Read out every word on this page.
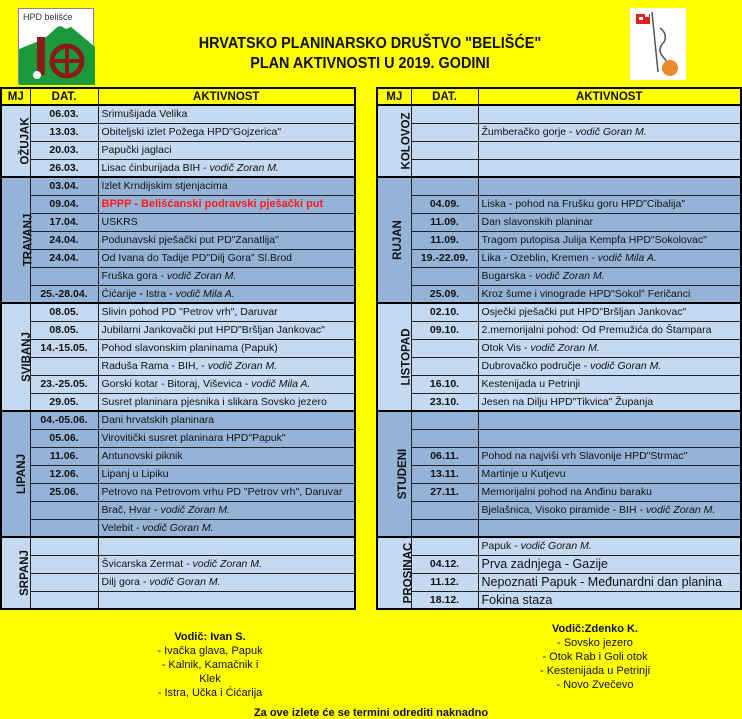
HPD belišće
HRVATSKO PLANINARSKO DRUŠTVO "BELIŠĆE"
PLAN AKTIVNOSTI U 2019. GODINI
MJ	DAT.	AKTIVNOST
OŽUJAK	06.03.	Srimušijada Velika
	13.03.	Obiteljski izlet Požega HPD"Gojzerica"
	20.03.	Papučki jaglaci
	26.03.	Lisac ćinburijada BIH - vodič Zoran M.
TRAVANJ	03.04.	Izlet Krndijskim stjenjacima
	09.04.	BPPP - Belišćanski podravski pješački put
	17.04.	USKRS
	24.04.	Podunavski pješački put PD"Zanatlija"
	24.04.	Od Ivana do Tadije PD"Dilj Gora" Sl.Brod
		Fruška gora - vodič Zoran M.
	25.-28.04.	Ćićarije - Istra - vodič Mila A.
SVIBANJ	08.05.	Slivin pohod PD "Petrov vrh", Daruvar
	08.05.	Jubilarni Jankovački put HPD"Bršljan Jankovac"
	14.-15.05.	Pohod slavonskim planinama (Papuk)
		Raduša Rama - BIH, - vodič Zoran M.
	23.-25.05.	Gorski kotar - Bitoraj, Viševica - vodič Mila A.
	29.05.	Susret planinara pjesnika i slikara Sovsko jezero
LIPANJ	04.-05.06.	Dani hrvatskih planinara
	05.06.	Virovitički susret planinara HPD"Papuk"
	11.06.	Antunovski piknik
	12.06.	Lipanj u Lipiku
	25.06.	Petrovo na Petrovom vrhu PD "Petrov vrh", Daruvar
		Brač, Hvar - vodič Zoran M.
		Velebit - vodič Goran M.
SRPANJ		
		Švicarska Zermat - vodič Zoran M.
		Dilj gora - vodič Goran M.

MJ	DAT.	AKTIVNOST
KOLOVOZ		
		Žumberačko gorje - vodič Goran M.

RUJAN		
	04.09.	Liska - pohod na Frušku goru HPD"Cibalija"
	11.09.	Dan slavonskih planinar
	11.09.	Tragom putopisa Julija Kempfa HPD"Sokolovac"
	19.-22.09.	Lika - Ozeblin, Kremen - vodič Mila A.
		Bugarska - vodič Zoran M.
	25.09.	Kroz šume i vinograde HPD"Sokol" Feričanci
LISTOPAD	02.10.	Osječki pješački put HPD"Bršljan Jankovac"
	09.10.	2.memorijalni pohod: Od Premužića do Štampara
		Otok Vis - vodič Zoran M.
		Dubrovačko područje - vodič Goran M.
	16.10.	Kestenijada u Petrinji
	23.10.	Jesen na Dilju HPD"Tikvica" Županja
STUDENI		

	06.11.	Pohod na najviši vrh Slavonije HPD"Strmac"
	13.11.	Martinje u Kutjevu
	27.11.	Memorijalni pohod na Anđinu baraku
		Bjelašnica, Visoko piramide - BIH - vodič Zoran M.

PROSINAC		Papuk - vodič Goran M.
	04.12.	Prva zadnjega - Gazije
	11.12.	Nepoznati Papuk - Međunardni dan planina
	18.12.	Fokina staza
Vodič: Ivan S.
- Ivačka glava, Papuk
- Kalnik, Kamačnik i Klek
- Istra, Učka i Ćićarija
Vodič:Zdenko K.
- Sovsko jezero
- Otok Rab i Goli otok
- Kestenijada u Petrinji
- Novo Zvečevo
Za ove izlete će se termini odrediti naknadno
